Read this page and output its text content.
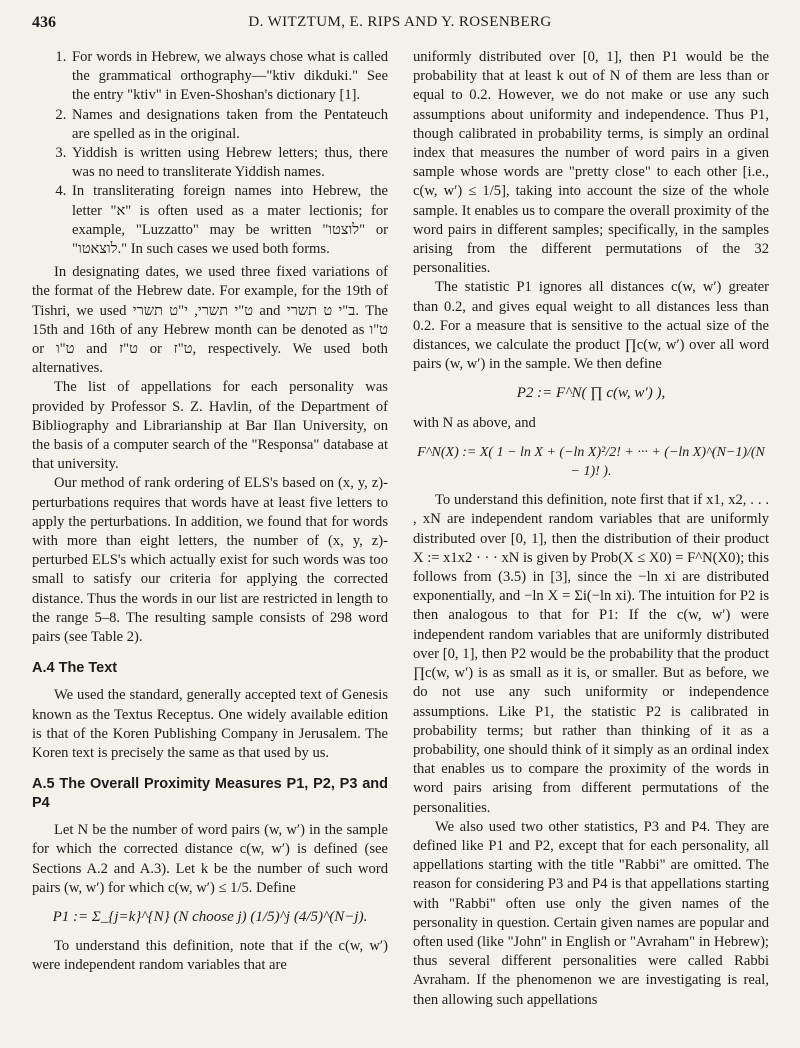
436	D. WITZTUM, E. RIPS AND Y. ROSENBERG
1. For words in Hebrew, we always chose what is called the grammatical orthography—"ktiv dikduki." See the entry "ktiv" in Even-Shoshan's dictionary [1].
2. Names and designations taken from the Pentateuch are spelled as in the original.
3. Yiddish is written using Hebrew letters; thus, there was no need to transliterate Yiddish names.
4. In transliterating foreign names into Hebrew, the letter "א" is often used as a mater lectionis; for example, "Luzzatto" may be written "לוצטו" or "לוצאטו." In such cases we used both forms.

In designating dates, we used three fixed variations of the format of the Hebrew date. For example, for the 19th of Tishri, we used ט"י תשרי, י"ט תשרי and ב"י ט תשרי. The 15th and 16th of any Hebrew month can be denoted as ט"ו or ט"ו and ט"ז or ט"ז, respectively. We used both alternatives.

The list of appellations for each personality was provided by Professor S. Z. Havlin, of the Department of Bibliography and Librarianship at Bar Ilan University, on the basis of a computer search of the "Responsa" database at that university.

Our method of rank ordering of ELS's based on (x, y, z)-perturbations requires that words have at least five letters to apply the perturbations. In addition, we found that for words with more than eight letters, the number of (x, y, z)-perturbed ELS's which actually exist for such words was too small to satisfy our criteria for applying the corrected distance. Thus the words in our list are restricted in length to the range 5–8. The resulting sample consists of 298 word pairs (see Table 2).

A.4 The Text

We used the standard, generally accepted text of Genesis known as the Textus Receptus. One widely available edition is that of the Koren Publishing Company in Jerusalem. The Koren text is precisely the same as that used by us.

A.5 The Overall Proximity Measures P1, P2, P3 and P4

Let N be the number of word pairs (w, w′) in the sample for which the corrected distance c(w, w′) is defined (see Sections A.2 and A.3). Let k be the number of such word pairs (w, w′) for which c(w, w′) ≤ 1/5. Define

P1 := Σ_{j=k}^{N} (N choose j) (1/5)^j (4/5)^(N−j).

To understand this definition, note that if the c(w, w′) were independent random variables that are

uniformly distributed over [0, 1], then P1 would be the probability that at least k out of N of them are less than or equal to 0.2. However, we do not make or use any such assumptions about uniformity and independence. Thus P1, though calibrated in probability terms, is simply an ordinal index that measures the number of word pairs in a given sample whose words are "pretty close" to each other [i.e., c(w, w′) ≤ 1/5], taking into account the size of the whole sample. It enables us to compare the overall proximity of the word pairs in different samples; specifically, in the samples arising from the different permutations of the 32 personalities.

The statistic P1 ignores all distances c(w, w′) greater than 0.2, and gives equal weight to all distances less than 0.2. For a measure that is sensitive to the actual size of the distances, we calculate the product ∏c(w, w′) over all word pairs (w, w′) in the sample. We then define

P2 := F^N( ∏ c(w, w′) ),

with N as above, and

F^N(X) := X( 1 − ln X + (−ln X)²/2! + ··· + (−ln X)^(N−1)/(N − 1)! ).

To understand this definition, note first that if x1, x2, . . . , xN are independent random variables that are uniformly distributed over [0, 1], then the distribution of their product X := x1x2 · · · xN is given by Prob(X ≤ X0) = F^N(X0); this follows from (3.5) in [3], since the −ln xi are distributed exponentially, and −ln X = Σi(−ln xi). The intuition for P2 is then analogous to that for P1: If the c(w, w′) were independent random variables that are uniformly distributed over [0, 1], then P2 would be the probability that the product ∏c(w, w′) is as small as it is, or smaller. But as before, we do not use any such uniformity or independence assumptions. Like P1, the statistic P2 is calibrated in probability terms; but rather than thinking of it as a probability, one should think of it simply as an ordinal index that enables us to compare the proximity of the words in word pairs arising from different permutations of the personalities.

We also used two other statistics, P3 and P4. They are defined like P1 and P2, except that for each personality, all appellations starting with the title "Rabbi" are omitted. The reason for considering P3 and P4 is that appellations starting with "Rabbi" often use only the given names of the personality in question. Certain given names are popular and often used (like "John" in English or "Avraham" in Hebrew); thus several different personalities were called Rabbi Avraham. If the phenomenon we are investigating is real, then allowing such appellations
